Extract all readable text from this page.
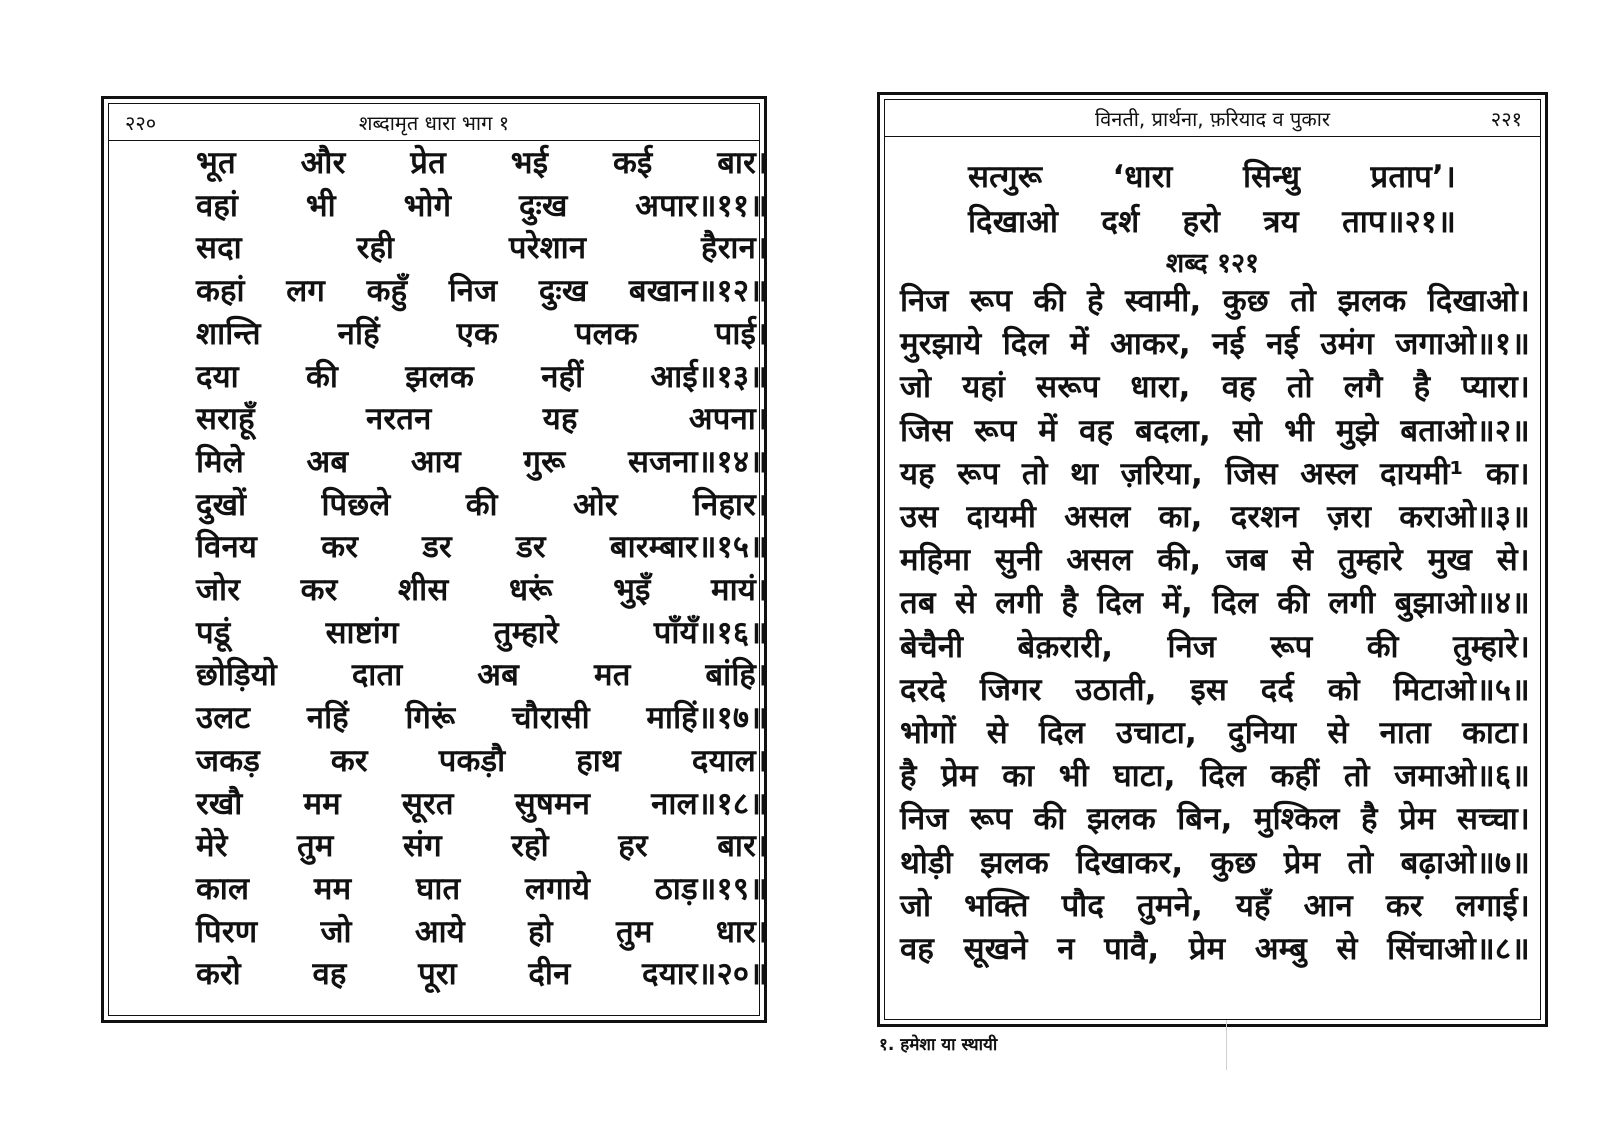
२२०	शब्दामृत धारा भाग १
भूत और प्रेत भई कई बार।
वहां भी भोगे दुःख अपार॥११॥
सदा	रही	परेशान	हैरान।
कहां लग कहुँ निज दुःख बखान॥१२॥
शान्ति नहिं एक पलक पाई।
दया की झलक नहीं आई॥१३॥
सराहूँ	नरतन	यह	अपना।
मिले अब आय गुरू सजना॥१४॥
दुखों पिछले की ओर निहार।
विनय कर डर डर बारम्बार॥१५॥
जोर कर शीस धरूं भुइँ मायं।
पडूं	साष्टांग	तुम्हारे	पाँयँ॥१६॥
छोड़ियो दाता अब मत बांहि।
उलट नहिं गिरूं चौरासी माहिं॥१७॥
जकड़ कर पकड़ौ हाथ दयाल।
रखौ मम सूरत सुषमन नाल॥१८॥
मेरे तुम संग रहो हर बार।
काल मम घात लगाये ठाड़॥१९॥
पिरण जो आये हो तुम धार।
करो वह पूरा दीन दयार॥२०॥
विनती, प्रार्थना, फ़रियाद व पुकार	२२१
सत्गुरू ‘धारा सिन्धु प्रताप’।
दिखाओ दर्श हरो त्रय ताप॥२१॥
शब्द १२१
निज रूप की हे स्वामी, कुछ तो झलक दिखाओ।
मुरझाये दिल में आकर, नई नई उमंग जगाओ॥१॥
जो यहां सरूप धारा, वह तो लगै है प्यारा।
जिस रूप में वह बदला, सो भी मुझे बताओ॥२॥
यह रूप तो था ज़रिया, जिस अस्ल दायमी¹ का।
उस दायमी असल का, दरशन ज़रा कराओ॥३॥
महिमा सुनी असल की, जब से तुम्हारे मुख से।
तब से लगी है दिल में, दिल की लगी बुझाओ॥४॥
बेचैनी बेक़रारी, निज रूप की तुम्हारे।
दरदे जिगर उठाती, इस दर्द को मिटाओ॥५॥
भोगों से दिल उचाटा, दुनिया से नाता काटा।
है प्रेम का भी घाटा, दिल कहीं तो जमाओ॥६॥
निज रूप की झलक बिन, मुश्किल है प्रेम सच्चा।
थोड़ी झलक दिखाकर, कुछ प्रेम तो बढ़ाओ॥७॥
जो भक्ति पौद तुमने, यहँ आन कर लगाई।
वह सूखने न पावै, प्रेम अम्बु से सिंचाओ॥८॥
१. हमेशा या स्थायी
